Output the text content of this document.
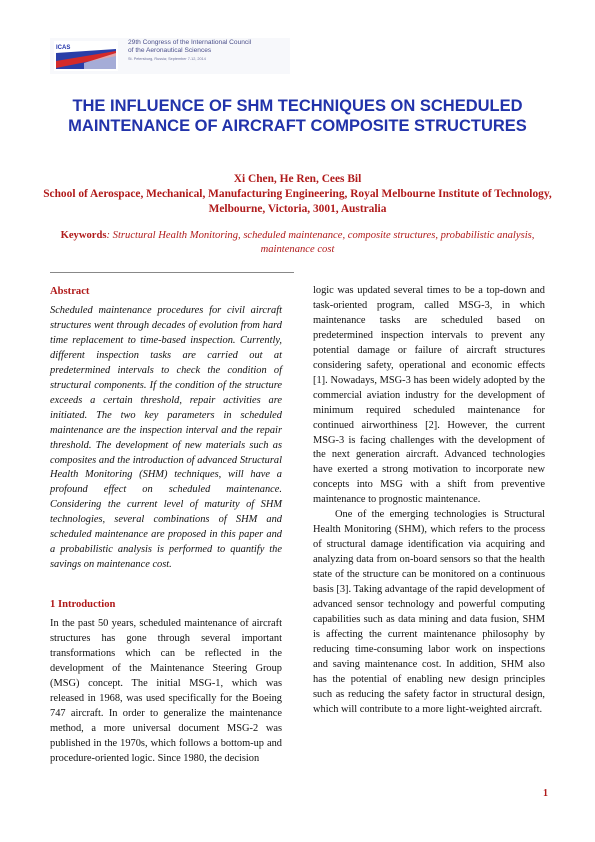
ICAS
29th Congress of the International Council
of the Aeronautical Sciences
St. Petersburg, Russia; September 7-12, 2014
THE INFLUENCE OF SHM TECHNIQUES ON SCHEDULED MAINTENANCE OF AIRCRAFT COMPOSITE STRUCTURES
Xi Chen, He Ren, Cees Bil
School of Aerospace, Mechanical, Manufacturing Engineering, Royal Melbourne Institute of Technology, Melbourne, Victoria, 3001, Australia
Keywords: Structural Health Monitoring, scheduled maintenance, composite structures, probabilistic analysis, maintenance cost
Abstract

Scheduled maintenance procedures for civil aircraft structures went through decades of evolution from hard time replacement to time-based inspection. Currently, different inspection tasks are carried out at predetermined intervals to check the condition of structural components. If the condition of the structure exceeds a certain threshold, repair activities are initiated. The two key parameters in scheduled maintenance are the inspection interval and the repair threshold. The development of new materials such as composites and the introduction of advanced Structural Health Monitoring (SHM) techniques, will have a profound effect on scheduled maintenance. Considering the current level of maturity of SHM technologies, several combinations of SHM and scheduled maintenance are proposed in this paper and a probabilistic analysis is performed to quantify the savings on maintenance cost.

1 Introduction

In the past 50 years, scheduled maintenance of aircraft structures has gone through several important transformations which can be reflected in the development of the Maintenance Steering Group (MSG) concept. The initial MSG-1, which was released in 1968, was used specifically for the Boeing 747 aircraft. In order to generalize the maintenance method, a more universal document MSG-2 was published in the 1970s, which follows a bottom-up and procedure-oriented logic. Since 1980, the decision

logic was updated several times to be a top-down and task-oriented program, called MSG-3, in which maintenance tasks are scheduled based on predetermined inspection intervals to prevent any potential damage or failure of aircraft structures considering safety, operational and economic effects [1]. Nowadays, MSG-3 has been widely adopted by the commercial aviation industry for the development of minimum required scheduled maintenance for continued airworthiness [2]. However, the current MSG-3 is facing challenges with the development of the next generation aircraft. Advanced technologies have exerted a strong motivation to incorporate new concepts into MSG with a shift from preventive maintenance to prognostic maintenance.

One of the emerging technologies is Structural Health Monitoring (SHM), which refers to the process of structural damage identification via acquiring and analyzing data from on-board sensors so that the health state of the structure can be monitored on a continuous basis [3]. Taking advantage of the rapid development of advanced sensor technology and powerful computing capabilities such as data mining and data fusion, SHM is affecting the current maintenance philosophy by reducing time-consuming labor work on inspections and saving maintenance cost. In addition, SHM also has the potential of enabling new design principles such as reducing the safety factor in structural design, which will contribute to a more light-weighted aircraft.

1
